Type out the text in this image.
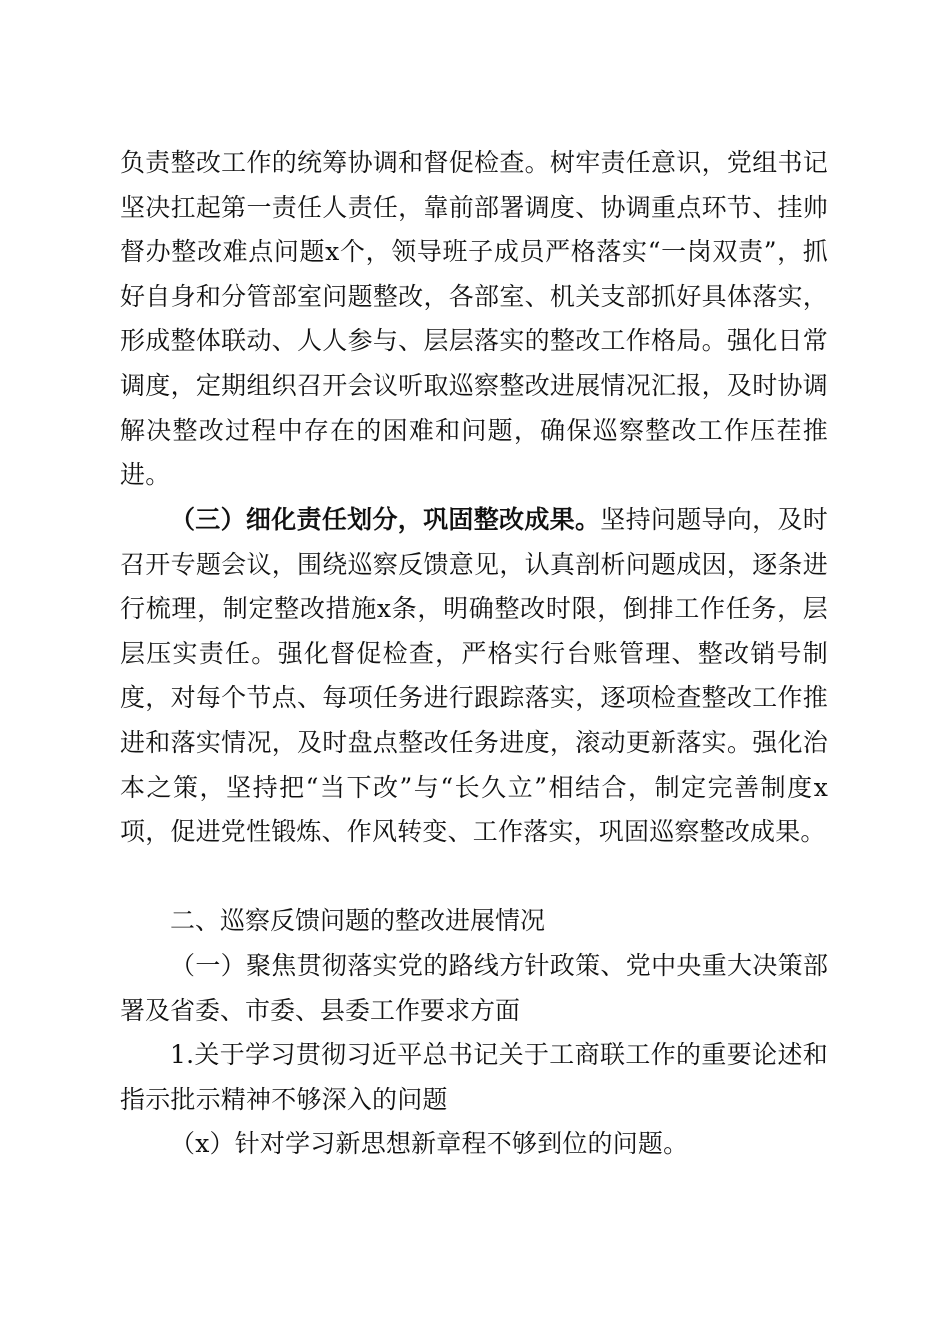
负责整改工作的统筹协调和督促检查。树牢责任意识，党组书记坚决扛起第一责任人责任，靠前部署调度、协调重点环节、挂帅督办整改难点问题x个，领导班子成员严格落实“一岗双责”，抓好自身和分管部室问题整改，各部室、机关支部抓好具体落实，形成整体联动、人人参与、层层落实的整改工作格局。强化日常调度，定期组织召开会议听取巡察整改进展情况汇报，及时协调解决整改过程中存在的困难和问题，确保巡察整改工作压茬推进。

（三）细化责任划分，巩固整改成果。坚持问题导向，及时召开专题会议，围绕巡察反馈意见，认真剖析问题成因，逐条进行梳理，制定整改措施x条，明确整改时限，倒排工作任务，层层压实责任。强化督促检查，严格实行台账管理、整改销号制度，对每个节点、每项任务进行跟踪落实，逐项检查整改工作推进和落实情况，及时盘点整改任务进度，滚动更新落实。强化治本之策，坚持把“当下改”与“长久立”相结合，制定完善制度x项，促进党性锻炼、作风转变、工作落实，巩固巡察整改成果。

二、巡察反馈问题的整改进展情况

（一）聚焦贯彻落实党的路线方针政策、党中央重大决策部署及省委、市委、县委工作要求方面

1.关于学习贯彻习近平总书记关于工商联工作的重要论述和指示批示精神不够深入的问题

（x）针对学习新思想新章程不够到位的问题。
